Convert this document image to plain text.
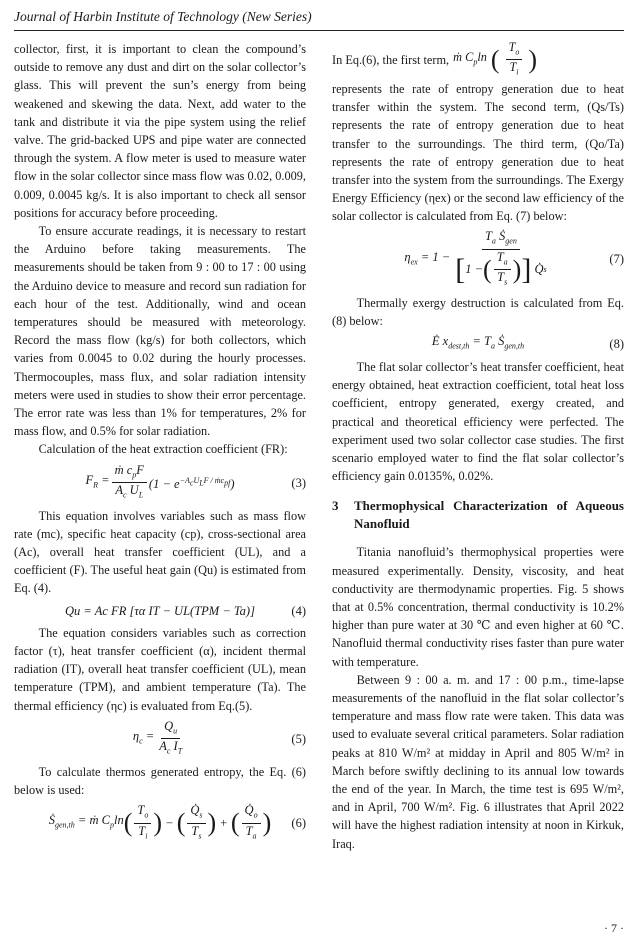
Journal of Harbin Institute of Technology (New Series)

collector, first, it is important to clean the compound’s outside to remove any dust and dirt on the solar collector’s glass. This will prevent the sun’s energy from being weakened and skewing the data. Next, add water to the tank and distribute it via the pipe system using the relief valve. The grid-backed UPS and pipe water are connected through the system. A flow meter is used to measure water flow in the solar collector since mass flow was 0.02, 0.009, 0.009, 0.0045 kg/s. It is also important to check all sensor positions for accuracy before proceeding.

To ensure accurate readings, it is necessary to restart the Arduino before taking measurements. The measurements should be taken from 9 : 00 to 17 : 00 using the Arduino device to measure and record sun radiation for each hour of the test. Additionally, wind and ocean temperatures should be measured with meteorology. Record the mass flow (kg/s) for both collectors, which varies from 0.0045 to 0.02 during the hourly processes. Thermocouples, mass flux, and solar radiation intensity meters were used in studies to show their error percentage. The error rate was less than 1% for temperatures, 2% for mass flow, and 0.5% for solar radiation.

Calculation of the heat extraction coefficient (FR):

$F_R = \frac{ṁ c_pF}{A_c U_L} (1 - e^{-A_cU_LF / ṁc_{pf}})$	(3)

This equation involves variables such as mass flow rate (mc), specific heat capacity (cp), cross-sectional area (Ac), overall heat transfer coefficient (UL), and a coefficient (F). The useful heat gain (Qu) is estimated from Eq. (4).

Qu = Ac FR [τα IT − UL(TPM − Ta)]	(4)

The equation considers variables such as correction factor (τ), heat transfer coefficient (α), incident thermal radiation (IT), overall heat transfer coefficient (UL), mean temperature (TPM), and ambient temperature (Ta). The thermal efficiency (ηc) is evaluated from Eq.(5).

$\eta_c = \frac{Q_u}{A_c I_T}$	(5)

To calculate thermos generated entropy, the Eq. (6) below is used:

Ṡ$_{gen,th}$ = ṁ $C_p\ln$ ( $\frac{T_o}{T_i}$ ) − ( $\frac{Q̇_s}{T_s}$ ) + ( $\frac{Q̇_o}{T_a}$ ) (6)

In Eq.(6), the first term, ṁ $C_p\ln$ ( $\frac{T_o}{T_i}$ )

represents the rate of entropy generation due to heat transfer within the system. The second term, (Qs/Ts) represents the rate of entropy generation due to heat transfer to the surroundings. The third term, (Qo/Ta) represents the rate of entropy generation due to heat transfer into the system from the surroundings. The Exergy Energy Efficiency (ηex) or the second law efficiency of the solar collector is calculated from Eq. (7) below:

$\eta_{ex} = 1 - \frac{T_a Ṡ_{gen}}{[ 1 - ( \frac{T_a}{T_s} ) ] Q̇ s}$	(7)

Thermally exergy destruction is calculated from Eq.(8) below:

Ė $x_{dest,th} = T_a$ Ṡ$_{gen,th}$	(8)

The flat solar collector’s heat transfer coefficient, heat energy obtained, heat extraction coefficient, total heat loss coefficient, entropy generated, exergy created, and practical and theoretical efficiency were perfected. The experiment used two solar collector case studies. The first scenario employed water to find the flat solar collector’s efficiency gain 0.0135%, 0.02%.

3	Thermophysical Characterization of Aqueous Nanofluid

Titania nanofluid’s thermophysical properties were measured experimentally. Density, viscosity, and heat conductivity are thermodynamic properties. Fig. 5 shows that at 0.5% concentration, thermal conductivity is 10.2% higher than pure water at 30 ℃ and even higher at 60 ℃. Nanofluid thermal conductivity rises faster than pure water with temperature.

Between 9 : 00 a. m. and 17 : 00 p.m., time-lapse measurements of the nanofluid in the flat solar collector’s temperature and mass flow rate were taken. This data was used to evaluate several critical parameters. Solar radiation peaks at 810 W/m² at midday in April and 805 W/m² in March before swiftly declining to its annual low towards the end of the year. In March, the time test is 695 W/m², and in April, 700 W/m². Fig. 6 illustrates that April 2022 will have the highest radiation intensity at noon in Kirkuk, Iraq.

· 7 ·
